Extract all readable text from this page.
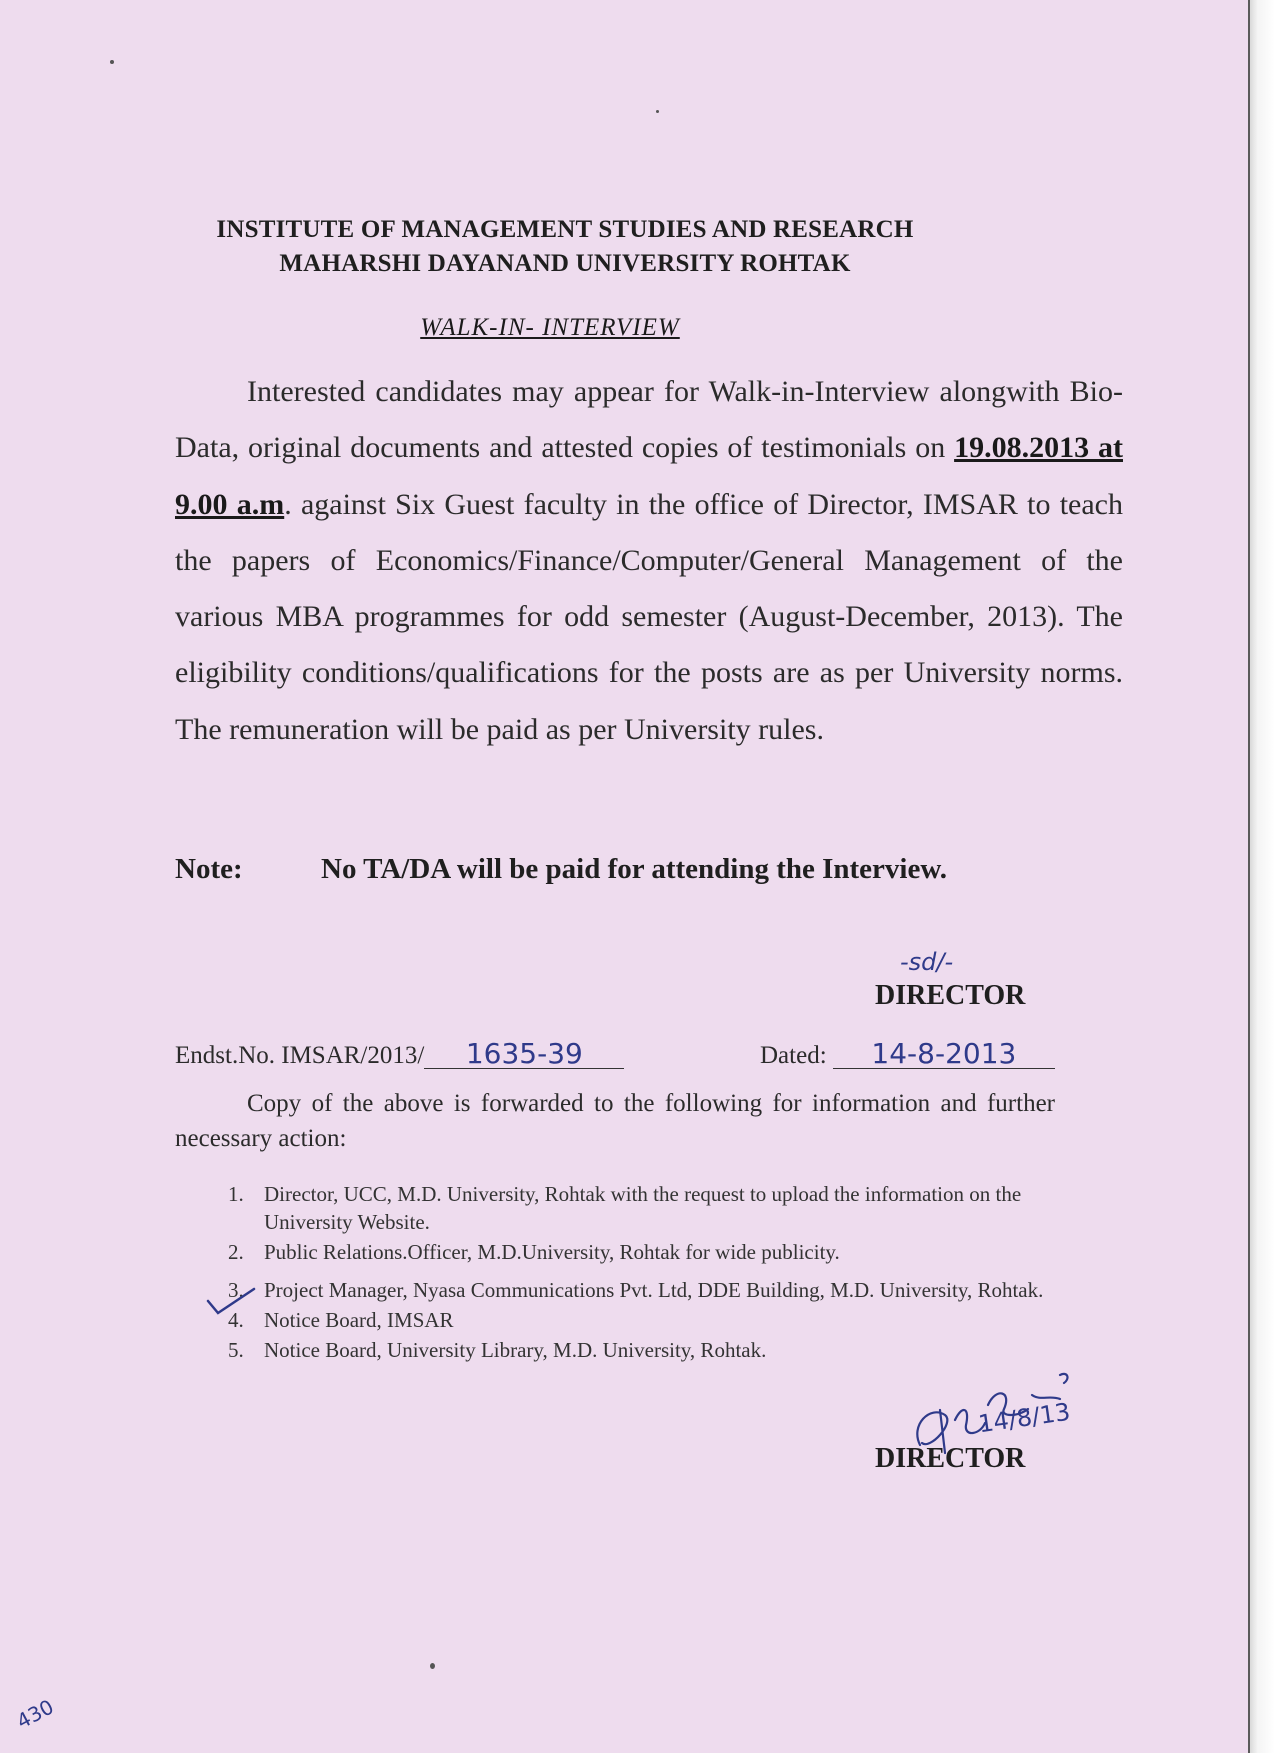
INSTITUTE OF MANAGEMENT STUDIES AND RESEARCH
MAHARSHI DAYANAND UNIVERSITY ROHTAK
WALK-IN- INTERVIEW
Interested candidates may appear for Walk-in-Interview alongwith Bio-Data, original documents and attested copies of testimonials on 19.08.2013 at 9.00 a.m. against Six Guest faculty in the office of Director, IMSAR to teach the papers of Economics/Finance/Computer/General Management of the various MBA programmes for odd semester (August-December, 2013). The eligibility conditions/qualifications for the posts are as per University norms. The remuneration will be paid as per University rules.
Note:	No TA/DA will be paid for attending the Interview.
-sd/-
DIRECTOR
Endst.No. IMSAR/2013/ 1635-39	Dated: 14-8-2013
Copy of the above is forwarded to the following for information and further necessary action:
1. Director, UCC, M.D. University, Rohtak with the request to upload the information on the University Website.
2. Public Relations.Officer, M.D.University, Rohtak for wide publicity.
3. Project Manager, Nyasa Communications Pvt. Ltd, DDE Building, M.D. University, Rohtak.
4. Notice Board, IMSAR
5. Notice Board, University Library, M.D. University, Rohtak.
14/8/13
DIRECTOR
430
